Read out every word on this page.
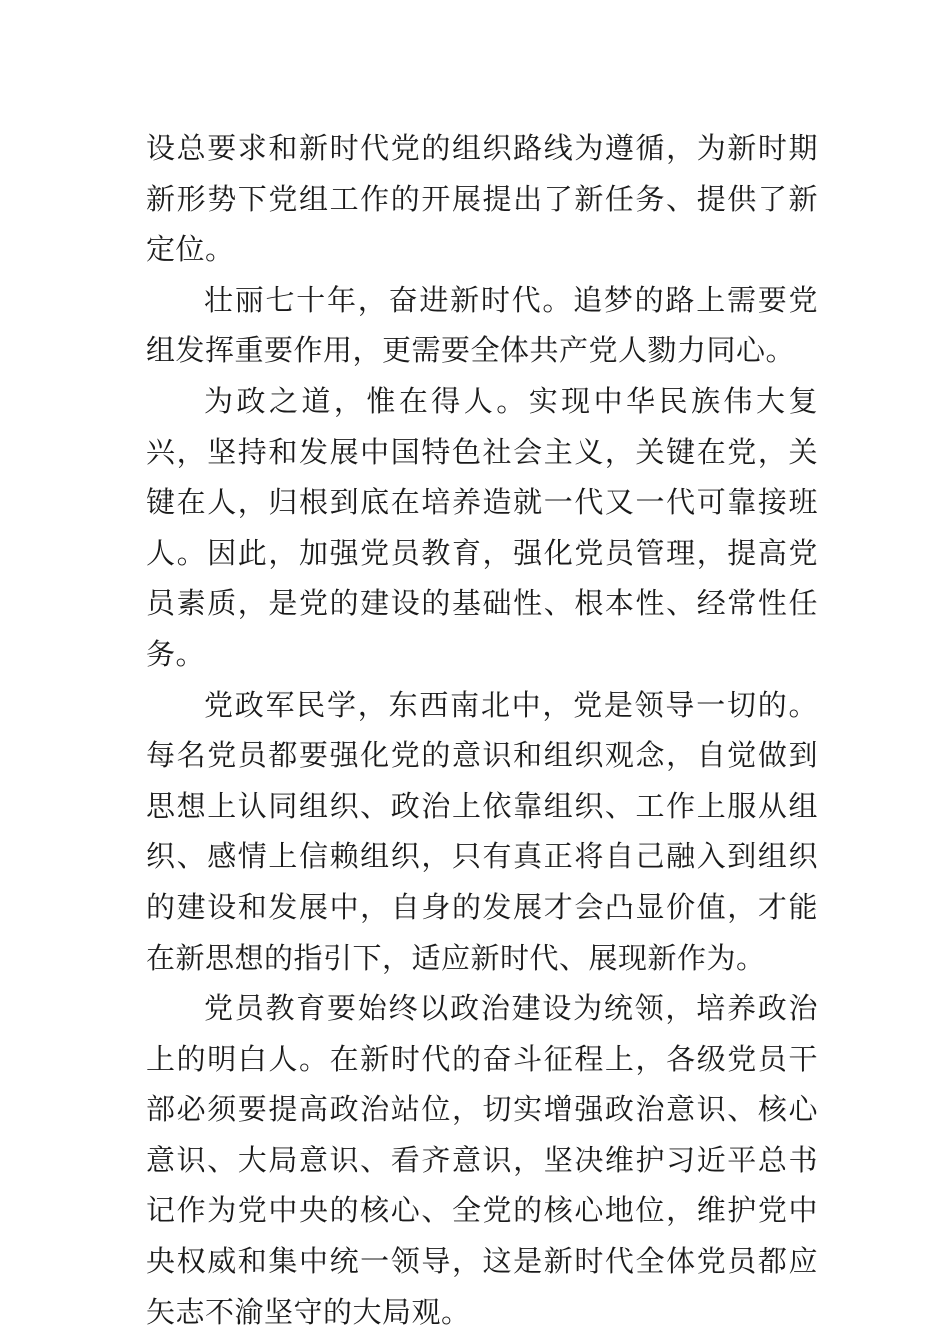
设总要求和新时代党的组织路线为遵循，为新时期新形势下党组工作的开展提出了新任务、提供了新定位。

壮丽七十年，奋进新时代。追梦的路上需要党组发挥重要作用，更需要全体共产党人勠力同心。

为政之道，惟在得人。实现中华民族伟大复兴，坚持和发展中国特色社会主义，关键在党，关键在人，归根到底在培养造就一代又一代可靠接班人。因此，加强党员教育，强化党员管理，提高党员素质，是党的建设的基础性、根本性、经常性任务。

党政军民学，东西南北中，党是领导一切的。每名党员都要强化党的意识和组织观念，自觉做到思想上认同组织、政治上依靠组织、工作上服从组织、感情上信赖组织，只有真正将自己融入到组织的建设和发展中，自身的发展才会凸显价值，才能在新思想的指引下，适应新时代、展现新作为。

党员教育要始终以政治建设为统领，培养政治上的明白人。在新时代的奋斗征程上，各级党员干部必须要提高政治站位，切实增强政治意识、核心意识、大局意识、看齐意识，坚决维护习近平总书记作为党中央的核心、全党的核心地位，维护党中央权威和集中统一领导，这是新时代全体党员都应矢志不渝坚守的大局观。
